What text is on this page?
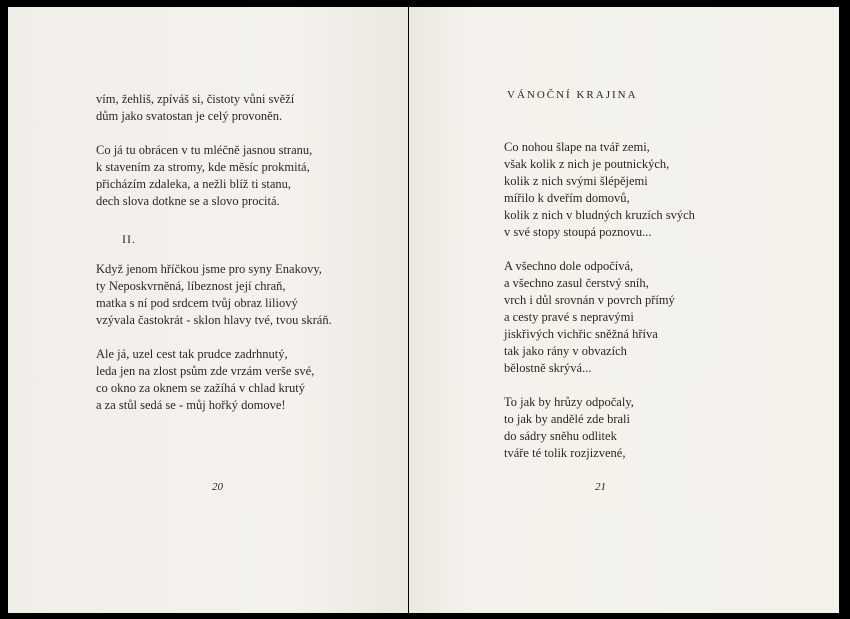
vím, žehliš, zpíváš si, čistoty vůni svěží
dům jako svatostan je celý provoněn.
Co já tu obrácen v tu mléčně jasnou stranu,
k stavením za stromy, kde měsíc prokmitá,
přicházím zdaleka, a nežli blíž ti stanu,
dech slova dotkne se a slovo procitá.
II.
Když jenom hříčkou jsme pro syny Enakovy,
ty Neposkvrněná, líbeznost její chraň,
matka s ní pod srdcem tvůj obraz liliový
vzývala častokrát - sklon hlavy tvé, tvou skráň.
Ale já, uzel cest tak prudce zadrhnutý,
leda jen na zlost psům zde vrzám verše své,
co okno za oknem se zažíhá v chlad krutý
a za stůl sedá se - můj hořký domove!
20
VÁNOČNÍ KRAJINA
Co nohou šlape na tvář zemi,
však kolik z nich je poutnických,
kolik z nich svými šlépějemi
mířilo k dveřím domovů,
kolik z nich v bludných kruzích svých
v své stopy stoupá poznovu...
A všechno dole odpočívá,
a všechno zasul čerstvý sníh,
vrch i důl srovnán v povrch přímý
a cesty pravé s nepravými
jiskřivých vichřic sněžná hříva
tak jako rány v obvazích
bělostně skrývá...
To jak by hrůzy odpočaly,
to jak by andělé zde brali
do sádry sněhu odlitek
tváře té tolik rozjizvené,
21
